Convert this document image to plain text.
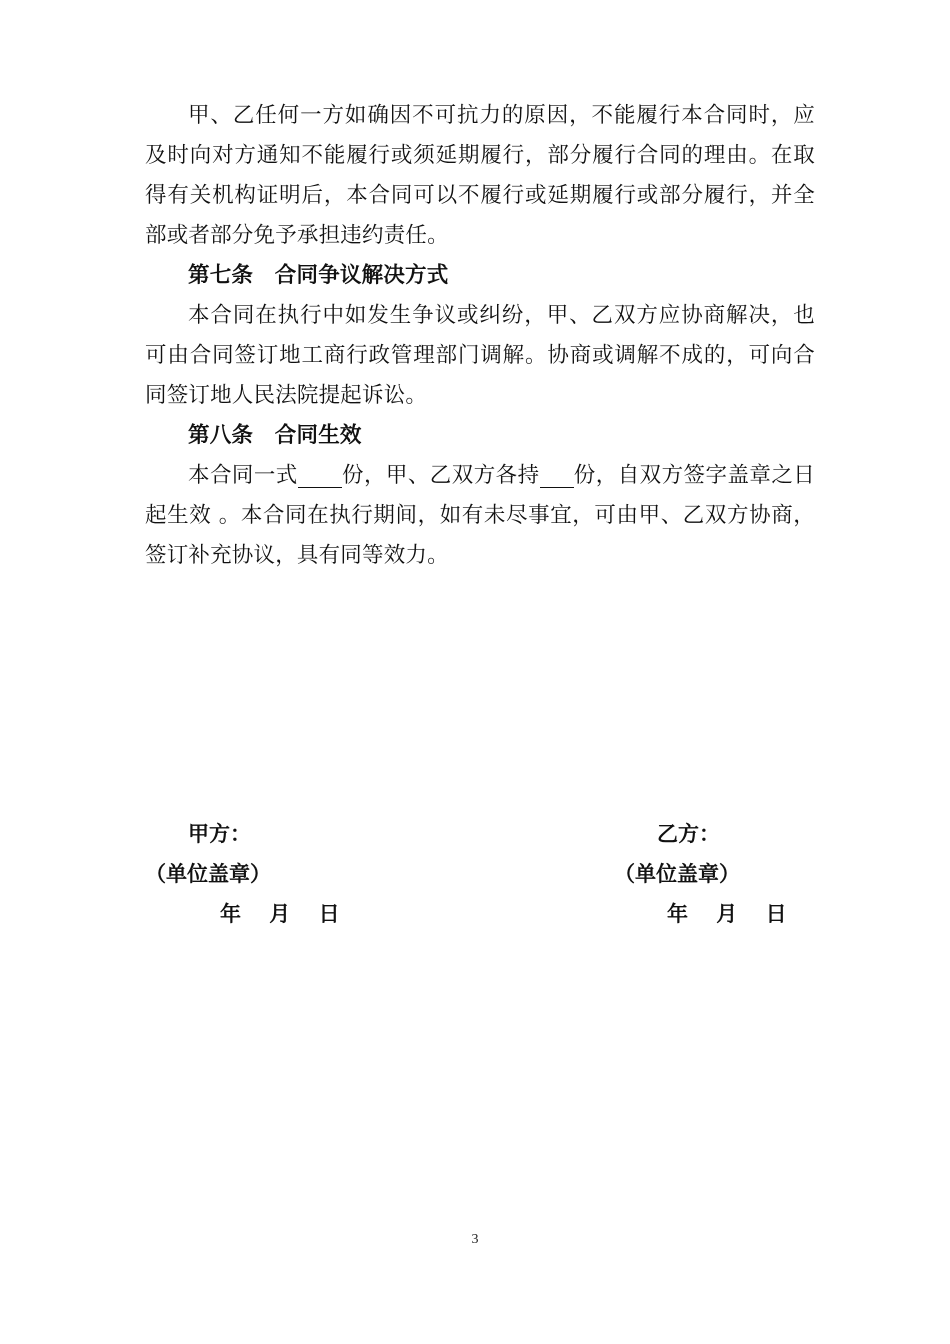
甲、乙任何一方如确因不可抗力的原因，不能履行本合同时，应及时向对方通知不能履行或须延期履行，部分履行合同的理由。在取得有关机构证明后，本合同可以不履行或延期履行或部分履行，并全部或者部分免予承担违约责任。

第七条　合同争议解决方式

本合同在执行中如发生争议或纠纷，甲、乙双方应协商解决，也可由合同签订地工商行政管理部门调解。协商或调解不成的，可向合同签订地人民法院提起诉讼。

第八条　合同生效

本合同一式 份，甲、乙双方各持 份，自双方签字盖章之日起生效 。本合同在执行期间，如有未尽事宜，可由甲、乙双方协商，签订补充协议，具有同等效力。

甲方：
（单位盖章）
年　 月　 日
乙方：
（单位盖章）
年　 月　 日
3
